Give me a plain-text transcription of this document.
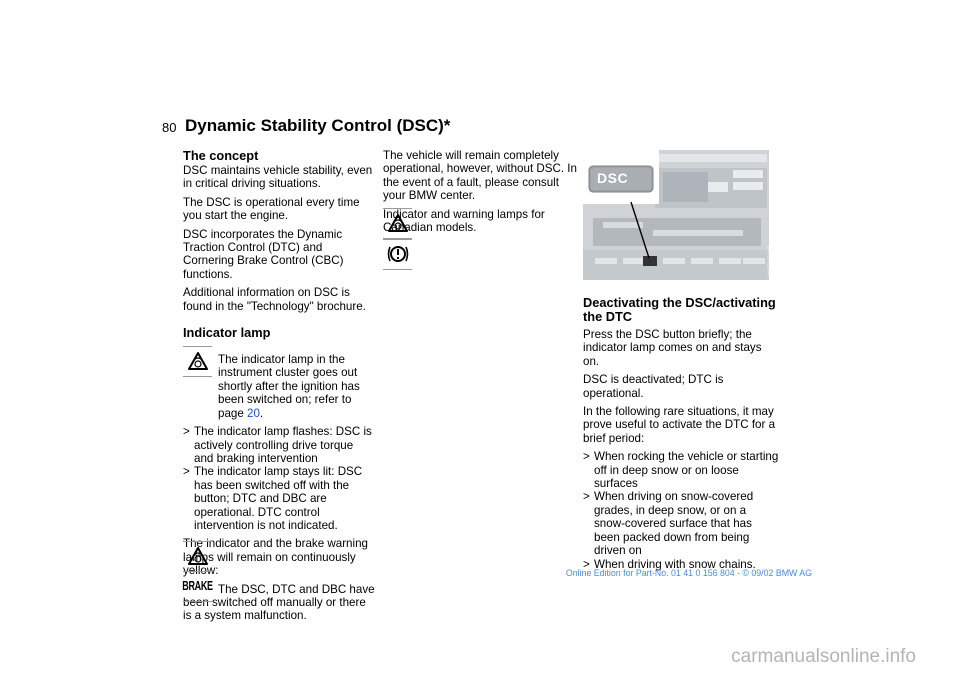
80 Dynamic Stability Control (DSC)*
The concept

DSC maintains vehicle stability, even in critical driving situations.

The DSC is operational every time you start the engine.

DSC incorporates the Dynamic Traction Control (DTC) and Cornering Brake Control (CBC) functions.

Additional information on DSC is found in the "Technology" brochure.

Indicator lamp

The indicator lamp in the instrument cluster goes out shortly after the ignition has been switched on; refer to page 20.

> The indicator lamp flashes: DSC is actively controlling drive torque and braking intervention
> The indicator lamp stays lit: DSC has been switched off with the button; DTC and DBC are operational. DTC control intervention is not indicated.
BRAKE

The indicator and the brake warning lamps will remain on continuously yellow:

The DSC, DTC and DBC have been switched off manually or there is a system malfunction.

The vehicle will remain completely operational, however, without DSC. In the event of a fault, please consult your BMW center.

Indicator and warning lamps for Canadian models.

DSC
MV05160 MA
Deactivating the DSC/activating the DTC

Press the DSC button briefly; the indicator lamp comes on and stays on.

DSC is deactivated; DTC is operational.

In the following rare situations, it may prove useful to activate the DTC for a brief period:

> When rocking the vehicle or starting off in deep snow or on loose surfaces
> When driving on snow-covered grades, in deep snow, or on a snow-covered surface that has been packed down from being driven on
> When driving with snow chains.
Online Edition for Part-No. 01 41 0 156 804 - © 09/02 BMW AG
carmanualsonline.info
